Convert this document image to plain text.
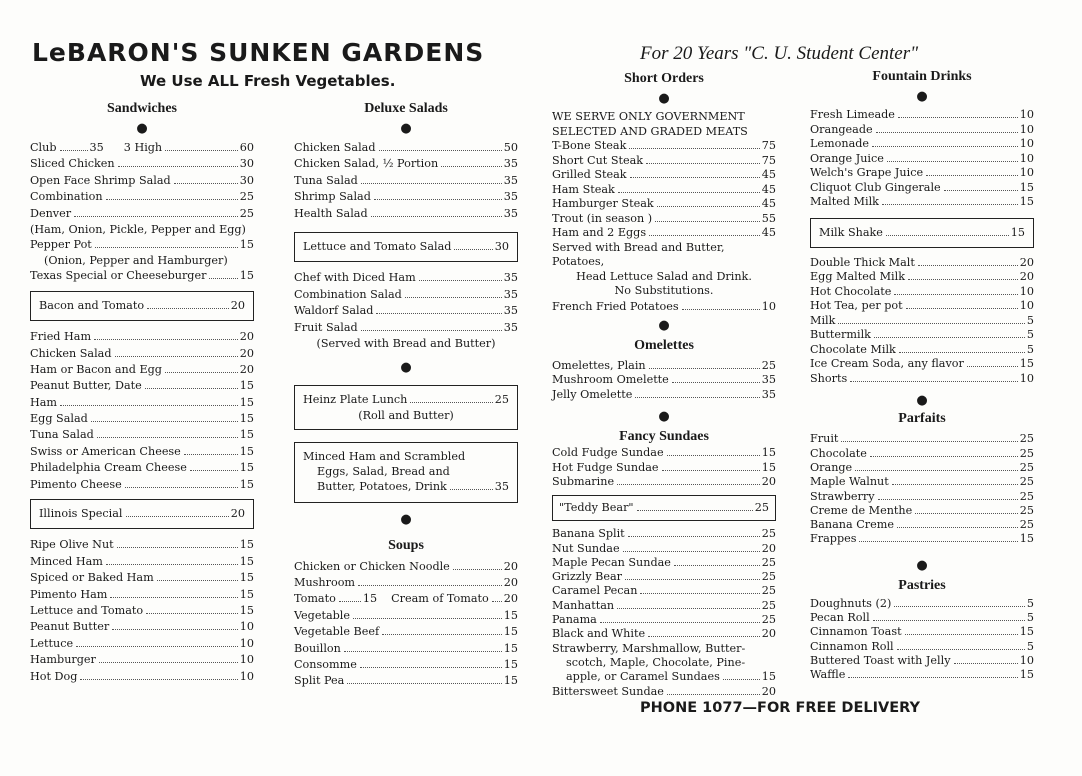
LeBARON'S SUNKEN GARDENS
We Use ALL Fresh Vegetables.
For 20 Years "C. U. Student Center"
Sandwiches
●
Club	35 3 High	60
Sliced Chicken	30
Open Face Shrimp Salad	30
Combination	25
Denver	25
(Ham, Onion, Pickle, Pepper and Egg)
Pepper Pot	15
(Onion, Pepper and Hamburger)
Texas Special or Cheeseburger	15
Bacon and Tomato	20
Fried Ham	20
Chicken Salad	20
Ham or Bacon and Egg	20
Peanut Butter, Date	15
Ham	15
Egg Salad	15
Tuna Salad	15
Swiss or American Cheese	15
Philadelphia Cream Cheese	15
Pimento Cheese	15
Illinois Special	20
Ripe Olive Nut	15
Minced Ham	15
Spiced or Baked Ham	15
Pimento Ham	15
Lettuce and Tomato	15
Peanut Butter	10
Lettuce	10
Hamburger	10
Hot Dog	10
Deluxe Salads
●
Chicken Salad	50
Chicken Salad, ½ Portion	35
Tuna Salad	35
Shrimp Salad	35
Health Salad	35
Lettuce and Tomato Salad	30
Chef with Diced Ham	35
Combination Salad	35
Waldorf Salad	35
Fruit Salad	35
(Served with Bread and Butter)
●
Heinz Plate Lunch	25
(Roll and Butter)
Minced Ham and Scrambled
Eggs, Salad, Bread and
Butter, Potatoes, Drink	35
●
Soups
Chicken or Chicken Noodle	20
Mushroom	20
Tomato 15 Cream of Tomato 20
Vegetable	15
Vegetable Beef	15
Bouillon	15
Consomme	15
Split Pea	15
Short Orders
●
WE SERVE ONLY GOVERNMENT
SELECTED AND GRADED MEATS
T-Bone Steak	75
Short Cut Steak	75
Grilled Steak	45
Ham Steak	45
Hamburger Steak	45
Trout (in season )	55
Ham and 2 Eggs	45
Served with Bread and Butter, Potatoes,
Head Lettuce Salad and Drink.
No Substitutions.
French Fried Potatoes	10
●
Omelettes
Omelettes, Plain	25
Mushroom Omelette	35
Jelly Omelette	35
●
Fancy Sundaes
Cold Fudge Sundae	15
Hot Fudge Sundae	15
Submarine	20
"Teddy Bear"	25
Banana Split	25
Nut Sundae	20
Maple Pecan Sundae	25
Grizzly Bear	25
Caramel Pecan	25
Manhattan	25
Panama	25
Black and White	20
Strawberry, Marshmallow, Butter-
scotch, Maple, Chocolate, Pine-
apple, or Caramel Sundaes	15
Bittersweet Sundae	20
Fountain Drinks
●
Fresh Limeade	10
Orangeade	10
Lemonade	10
Orange Juice	10
Welch's Grape Juice	10
Cliquot Club Gingerale	15
Malted Milk	15
Milk Shake	15
Double Thick Malt	20
Egg Malted Milk	20
Hot Chocolate	10
Hot Tea, per pot	10
Milk	5
Buttermilk	5
Chocolate Milk	5
Ice Cream Soda, any flavor	15
Shorts	10
●
Parfaits
Fruit	25
Chocolate	25
Orange	25
Maple Walnut	25
Strawberry	25
Creme de Menthe	25
Banana Creme	25
Frappes	15
●
Pastries
Doughnuts (2)	5
Pecan Roll	5
Cinnamon Toast	15
Cinnamon Roll	5
Buttered Toast with Jelly	10
Waffle	15
PHONE 1077—FOR FREE DELIVERY
